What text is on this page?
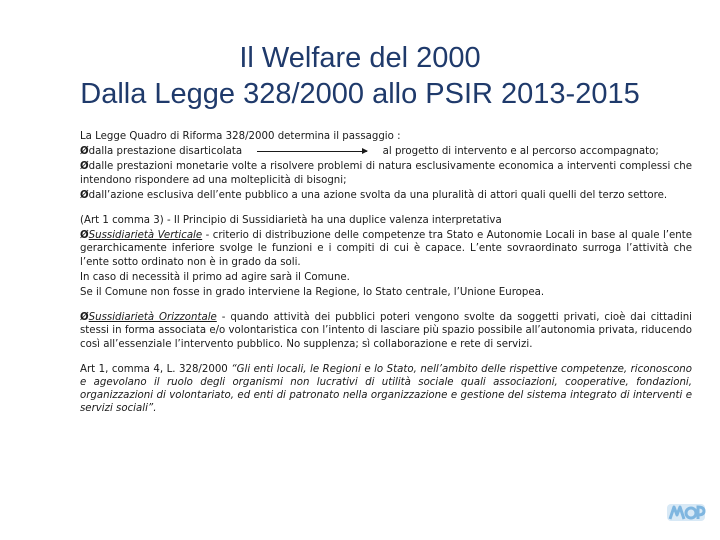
Il Welfare del 2000
Dalla Legge 328/2000 allo PSIR 2013-2015

La Legge Quadro di Riforma 328/2000 determina il passaggio :

Ødalla prestazione disarticolata	al progetto di intervento e al percorso accompagnato;

Ødalle prestazioni monetarie volte a risolvere problemi di natura esclusivamente economica a interventi complessi che intendono rispondere ad una molteplicità di bisogni;

Ødall’azione esclusiva dell’ente pubblico a una azione svolta da una pluralità di attori quali quelli del terzo settore.

(Art 1 comma 3) - Il Principio di Sussidiarietà ha una duplice valenza interpretativa

ØSussidiarietà Verticale - criterio di distribuzione delle competenze tra Stato e Autonomie Locali in base al quale l’ente gerarchicamente inferiore svolge le funzioni e i compiti di cui è capace. L’ente sovraordinato surroga l’attività che l’ente sotto ordinato non è in grado da soli.

In caso di necessità il primo ad agire sarà il Comune.

Se il Comune non fosse in grado interviene la Regione, lo Stato centrale, l’Unione Europea.

ØSussidiarietà Orizzontale - quando attività dei pubblici poteri vengono svolte da soggetti privati, cioè dai cittadini stessi in forma associata e/o volontaristica con l’intento di lasciare più spazio possibile all’autonomia privata, riducendo così all’essenziale l’intervento pubblico. No supplenza; sì collaborazione e rete di servizi.

Art 1, comma 4, L. 328/2000 “Gli enti locali, le Regioni e lo Stato, nell’ambito delle rispettive competenze, riconoscono e agevolano il ruolo degli organismi non lucrativi di utilità sociale quali associazioni, cooperative, fondazioni, organizzazioni di volontariato, ed enti di patronato nella organizzazione e gestione del sistema integrato di interventi e servizi sociali”.
